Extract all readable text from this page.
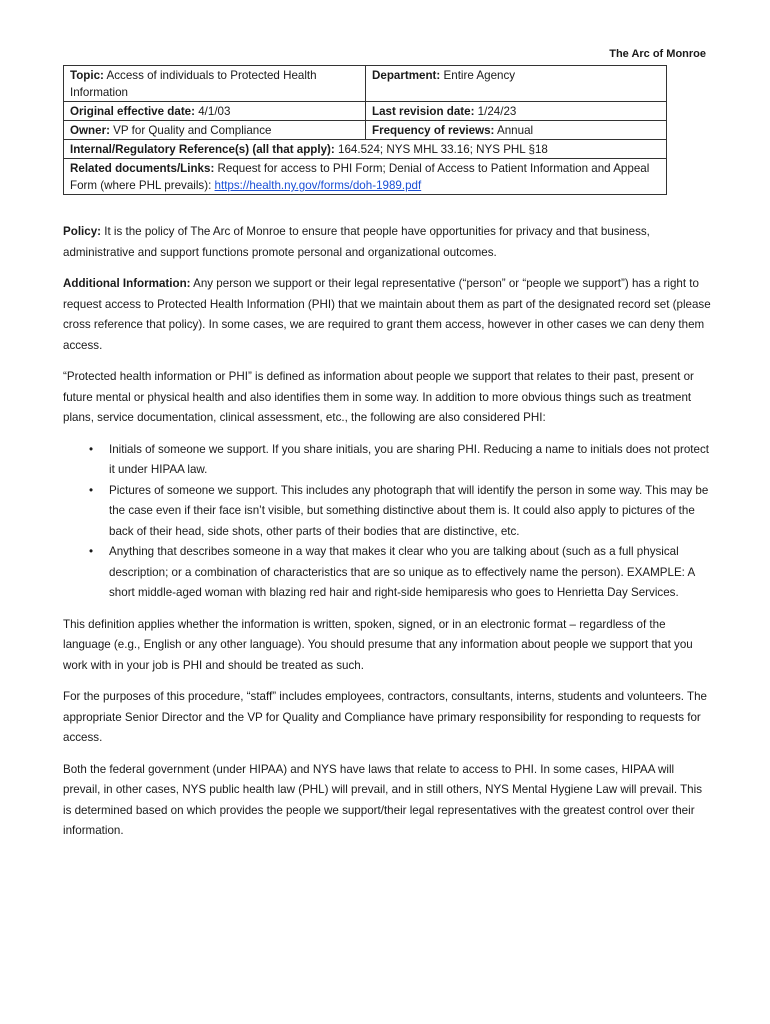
The Arc of Monroe
Topic: Access of individuals to Protected Health Information	Department: Entire Agency
Original effective date: 4/1/03	Last revision date: 1/24/23
Owner: VP for Quality and Compliance	Frequency of reviews: Annual
Internal/Regulatory Reference(s) (all that apply): 164.524; NYS MHL 33.16; NYS PHL §18	
Related documents/Links: Request for access to PHI Form; Denial of Access to Patient Information and Appeal Form (where PHL prevails): https://health.ny.gov/forms/doh-1989.pdf	

Policy: It is the policy of The Arc of Monroe to ensure that people have opportunities for privacy and that business, administrative and support functions promote personal and organizational outcomes.

Additional Information: Any person we support or their legal representative (“person” or “people we support”) has a right to request access to Protected Health Information (PHI) that we maintain about them as part of the designated record set (please cross reference that policy). In some cases, we are required to grant them access, however in other cases we can deny them access.

“Protected health information or PHI” is defined as information about people we support that relates to their past, present or future mental or physical health and also identifies them in some way. In addition to more obvious things such as treatment plans, service documentation, clinical assessment, etc., the following are also considered PHI:

• Initials of someone we support. If you share initials, you are sharing PHI. Reducing a name to initials does not protect it under HIPAA law.
• Pictures of someone we support. This includes any photograph that will identify the person in some way. This may be the case even if their face isn’t visible, but something distinctive about them is. It could also apply to pictures of the back of their head, side shots, other parts of their bodies that are distinctive, etc.
• Anything that describes someone in a way that makes it clear who you are talking about (such as a full physical description; or a combination of characteristics that are so unique as to effectively name the person). EXAMPLE: A short middle-aged woman with blazing red hair and right-side hemiparesis who goes to Henrietta Day Services.

This definition applies whether the information is written, spoken, signed, or in an electronic format – regardless of the language (e.g., English or any other language). You should presume that any information about people we support that you work with in your job is PHI and should be treated as such.

For the purposes of this procedure, “staff” includes employees, contractors, consultants, interns, students and volunteers. The appropriate Senior Director and the VP for Quality and Compliance have primary responsibility for responding to requests for access.

Both the federal government (under HIPAA) and NYS have laws that relate to access to PHI. In some cases, HIPAA will prevail, in other cases, NYS public health law (PHL) will prevail, and in still others, NYS Mental Hygiene Law will prevail. This is determined based on which provides the people we support/their legal representatives with the greatest control over their information.
